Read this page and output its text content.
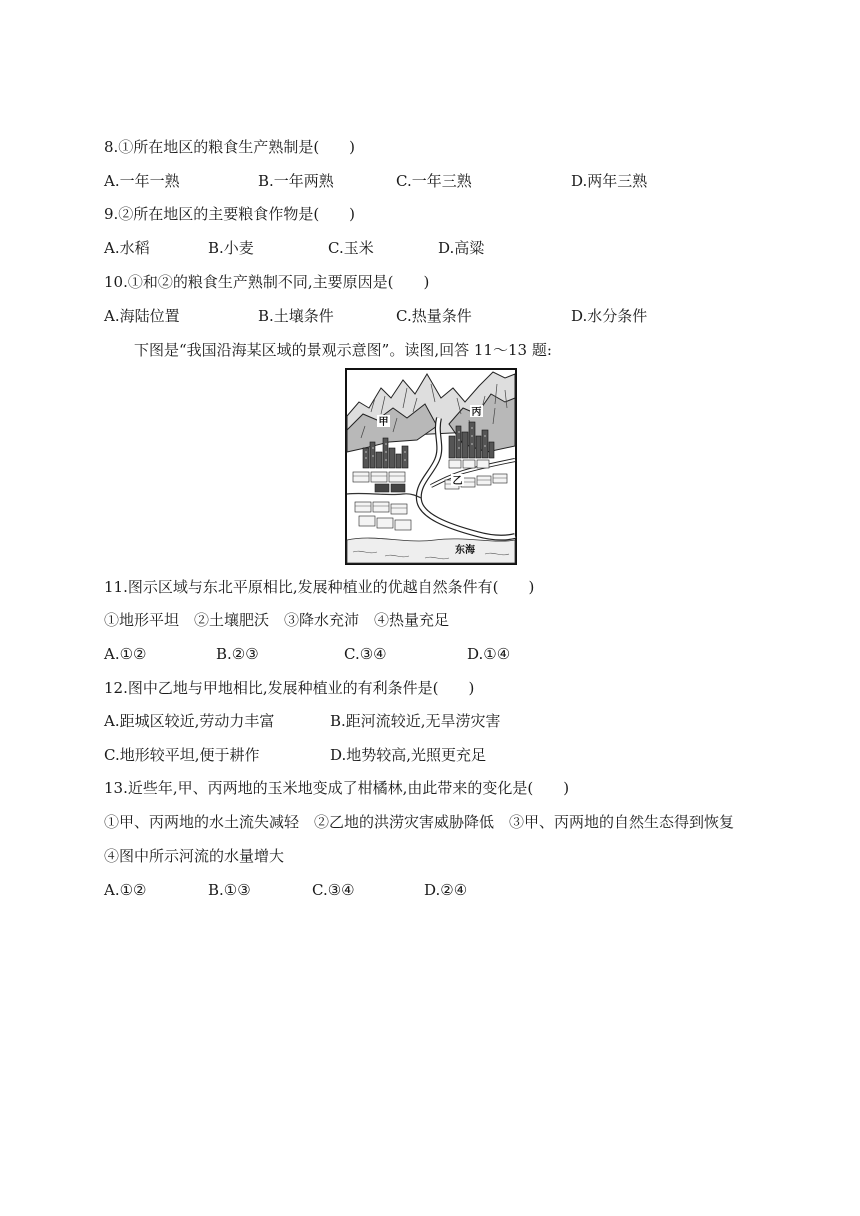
8.①所在地区的粮食生产熟制是(　　)
A.一年一熟	B.一年两熟	C.一年三熟	D.两年三熟
9.②所在地区的主要粮食作物是(　　)
A.水稻	B.小麦	C.玉米	D.高粱
10.①和②的粮食生产熟制不同,主要原因是(　　)
A.海陆位置	B.土壤条件	C.热量条件	D.水分条件
下图是“我国沿海某区域的景观示意图”。读图,回答 11～13 题:
甲
丙
乙
东海
11.图示区域与东北平原相比,发展种植业的优越自然条件有(　　)
①地形平坦　②土壤肥沃　③降水充沛　④热量充足
A.①②	B.②③	C.③④	D.①④
12.图中乙地与甲地相比,发展种植业的有利条件是(　　)
A.距城区较近,劳动力丰富	B.距河流较近,无旱涝灾害
C.地形较平坦,便于耕作	D.地势较高,光照更充足
13.近些年,甲、丙两地的玉米地变成了柑橘林,由此带来的变化是(　　)
①甲、丙两地的水土流失减轻　②乙地的洪涝灾害威胁降低　③甲、丙两地的自然生态得到恢复
④图中所示河流的水量增大
A.①②	B.①③	C.③④	D.②④
